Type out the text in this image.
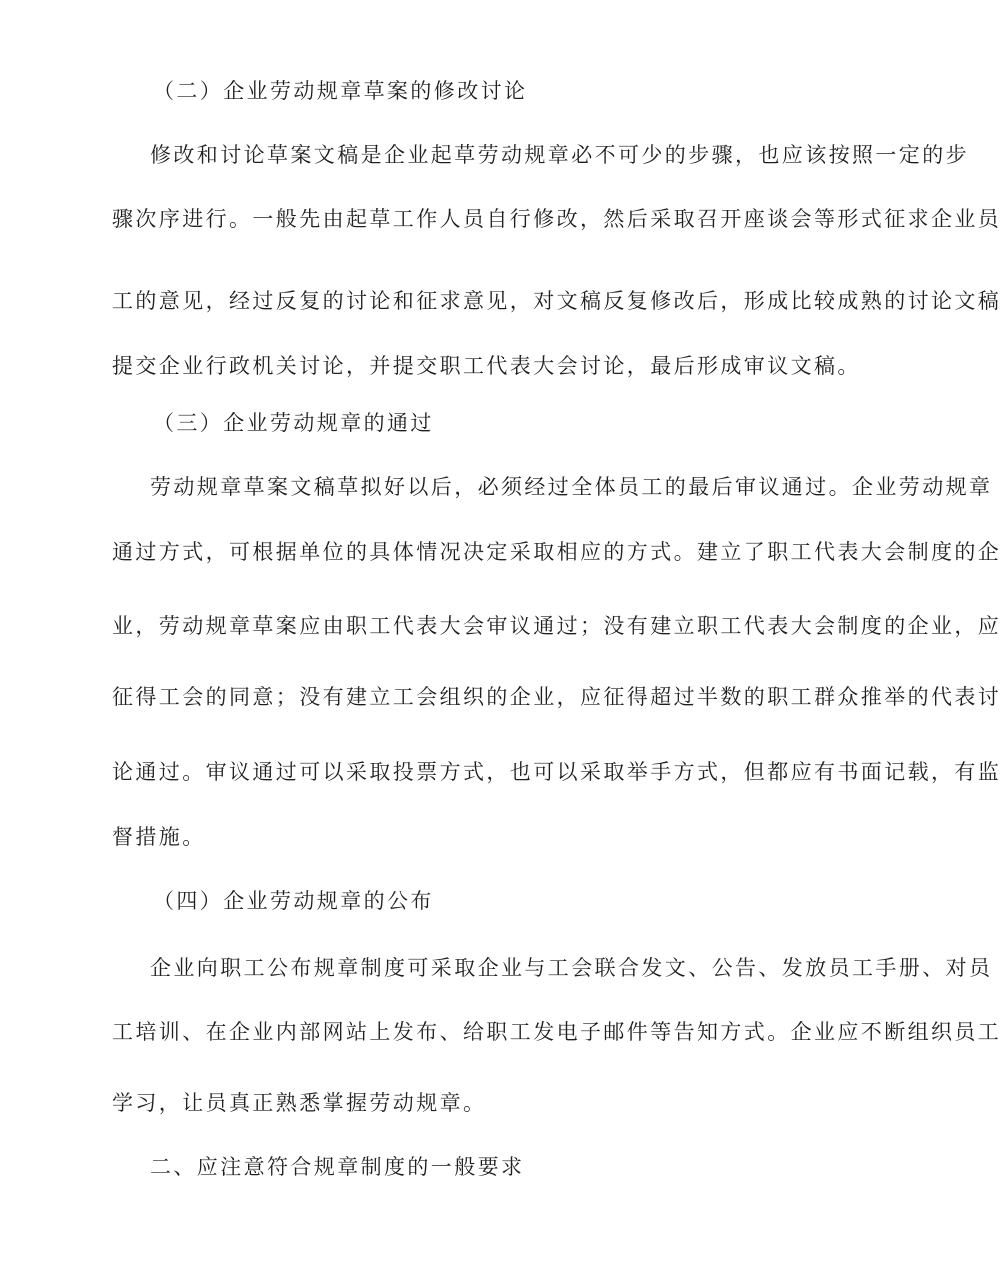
（二）企业劳动规章草案的修改讨论
修改和讨论草案文稿是企业起草劳动规章必不可少的步骤，也应该按照一定的步
骤次序进行。一般先由起草工作人员自行修改，然后采取召开座谈会等形式征求企业员
工的意见，经过反复的讨论和征求意见，对文稿反复修改后，形成比较成熟的讨论文稿
提交企业行政机关讨论，并提交职工代表大会讨论，最后形成审议文稿。
（三）企业劳动规章的通过
劳动规章草案文稿草拟好以后，必须经过全体员工的最后审议通过。企业劳动规章
通过方式，可根据单位的具体情况决定采取相应的方式。建立了职工代表大会制度的企
业，劳动规章草案应由职工代表大会审议通过；没有建立职工代表大会制度的企业，应
征得工会的同意；没有建立工会组织的企业，应征得超过半数的职工群众推举的代表讨
论通过。审议通过可以采取投票方式，也可以采取举手方式，但都应有书面记载，有监
督措施。
（四）企业劳动规章的公布
企业向职工公布规章制度可采取企业与工会联合发文、公告、发放员工手册、对员
工培训、在企业内部网站上发布、给职工发电子邮件等告知方式。企业应不断组织员工
学习，让员真正熟悉掌握劳动规章。
二、应注意符合规章制度的一般要求
